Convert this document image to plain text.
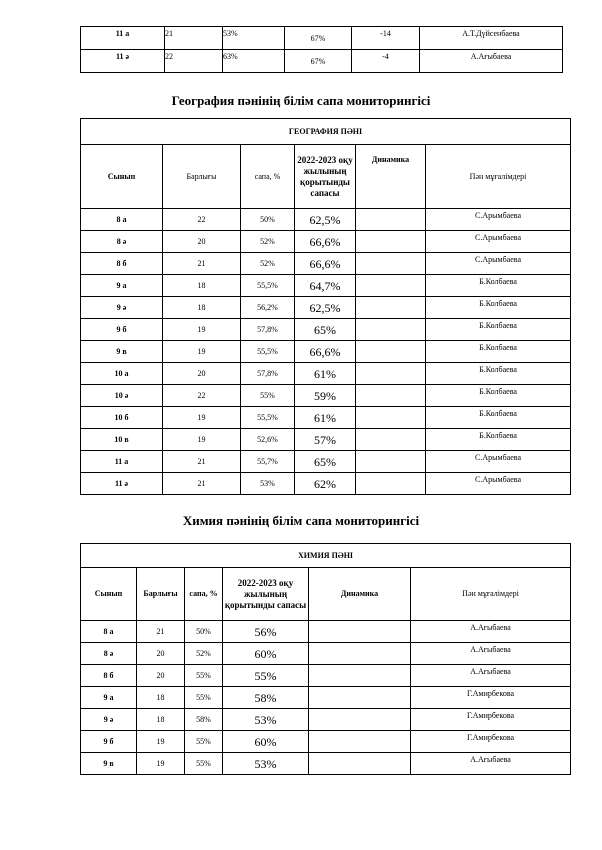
11 а	21	53%	67%	-14	А.Т.Дүйсенбаева
11 ә	22	63%	67%	-4	А.Ағыбаева
География пәнінің білім сапа мониторингісі
ГЕОГРАФИЯ ПӘНІ					
Сынып	Барлығы	сапа, %	2022-2023 оқу жылының қорытынды сапасы	Динамика	Пән мұғалімдері
8 а	22	50%	62,5%		С.Арымбаева
8 ә	20	52%	66,6%		С.Арымбаева
8 б	21	52%	66,6%		С.Арымбаева
9 а	18	55,5%	64,7%		Б.Колбаева
9 ә	18	56,2%	62,5%		Б.Колбаева
9 б	19	57,8%	65%		Б.Колбаева
9 в	19	55,5%	66,6%		Б.Колбаева
10 а	20	57,8%	61%		Б.Колбаева
10 ә	22	55%	59%		Б.Колбаева
10 б	19	55,5%	61%		Б.Колбаева
10 в	19	52,6%	57%		Б.Колбаева
11 а	21	55,7%	65%		С.Арымбаева
11 ә	21	53%	62%		С.Арымбаева
Химия пәнінің білім сапа мониторингісі
ХИМИЯ ПӘНІ					
Сынып	Барлығы	сапа, %	2022-2023 оқу жылының қорытынды сапасы	Динамика	Пән мұғалімдері
8 а	21	50%	56%		А.Ағыбаева
8 ә	20	52%	60%		А.Ағыбаева
8 б	20	55%	55%		А.Ағыбаева
9 а	18	55%	58%		Г.Амирбекова
9 ә	18	58%	53%		Г.Амирбекова
9 б	19	55%	60%		Г.Амирбекова
9 в	19	55%	53%		А.Ағыбаева
